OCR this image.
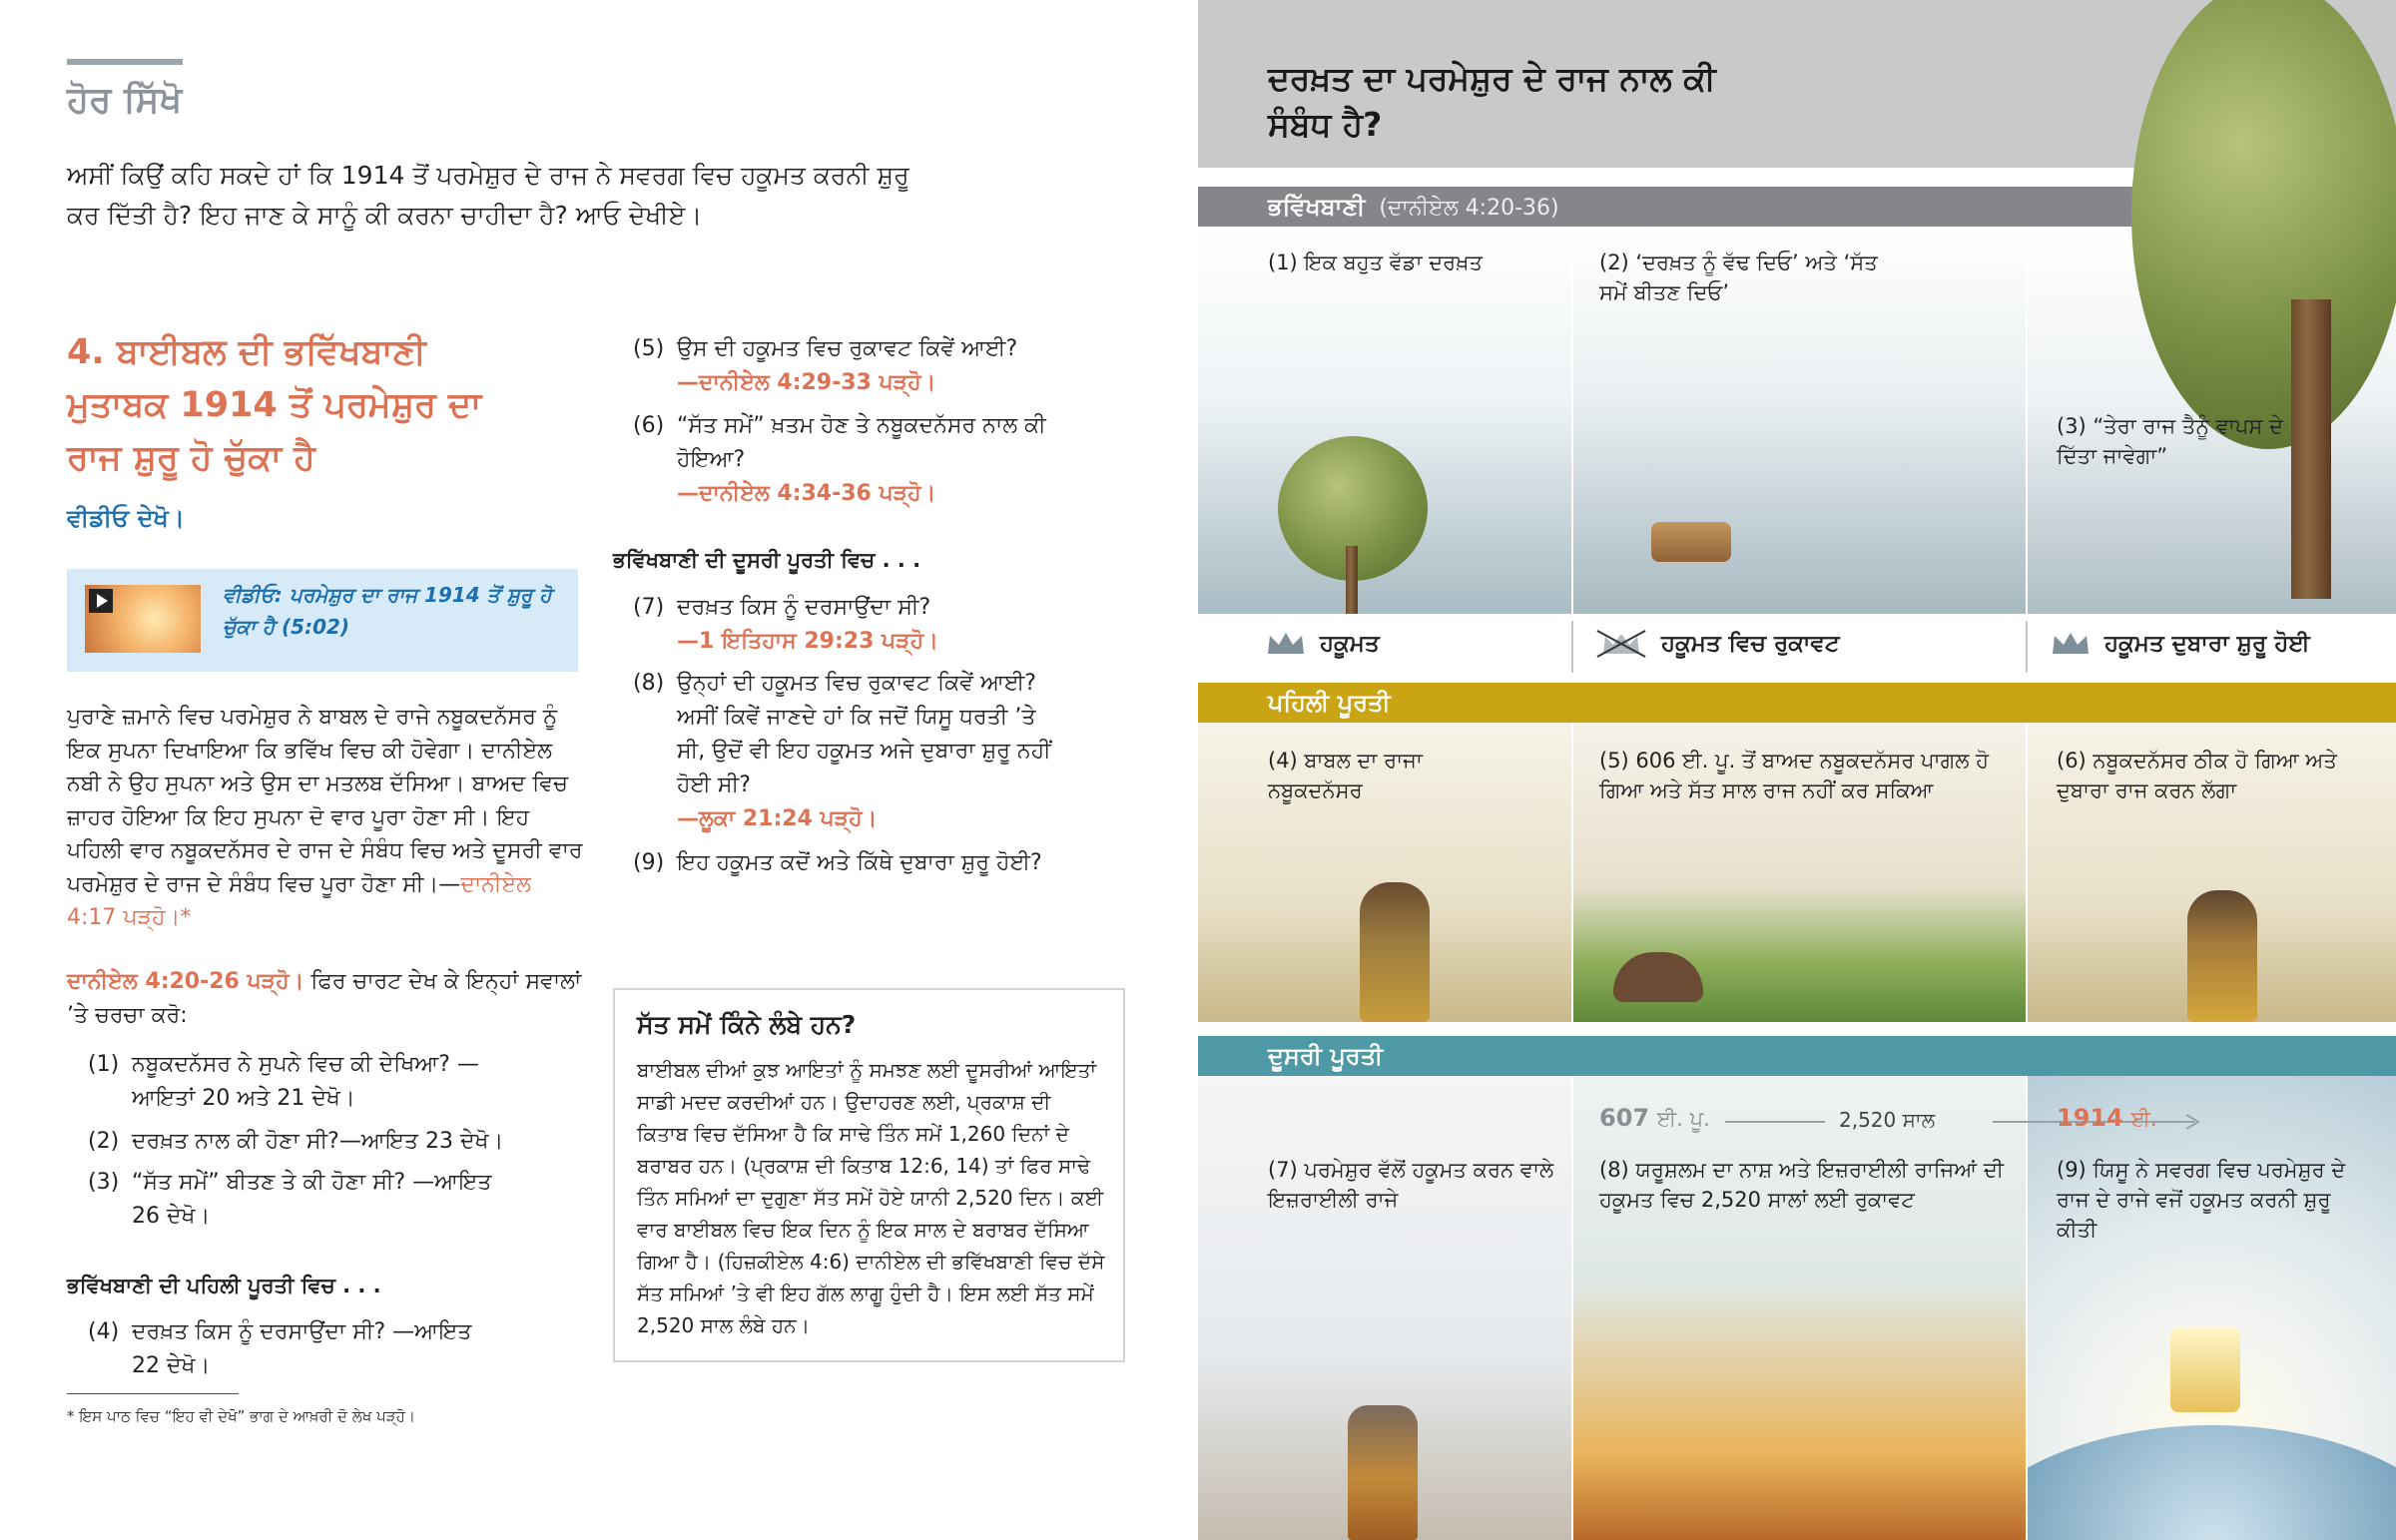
ਹੋਰ ਸਿੱਖੋ
ਅਸੀਂ ਕਿਉਂ ਕਹਿ ਸਕਦੇ ਹਾਂ ਕਿ 1914 ਤੋਂ ਪਰਮੇਸ਼ੁਰ ਦੇ ਰਾਜ ਨੇ ਸਵਰਗ ਵਿਚ ਹਕੂਮਤ ਕਰਨੀ ਸ਼ੁਰੂ ਕਰ ਦਿੱਤੀ ਹੈ? ਇਹ ਜਾਣ ਕੇ ਸਾਨੂੰ ਕੀ ਕਰਨਾ ਚਾਹੀਦਾ ਹੈ? ਆਓ ਦੇਖੀਏ।
4. ਬਾਈਬਲ ਦੀ ਭਵਿੱਖਬਾਣੀ ਮੁਤਾਬਕ 1914 ਤੋਂ ਪਰਮੇਸ਼ੁਰ ਦਾ ਰਾਜ ਸ਼ੁਰੂ ਹੋ ਚੁੱਕਾ ਹੈ
ਵੀਡੀਓ ਦੇਖੋ।
ਵੀਡੀਓ: ਪਰਮੇਸ਼ੁਰ ਦਾ ਰਾਜ 1914 ਤੋਂ ਸ਼ੁਰੂ ਹੋ ਚੁੱਕਾ ਹੈ (5:02)
ਪੁਰਾਣੇ ਜ਼ਮਾਨੇ ਵਿਚ ਪਰਮੇਸ਼ੁਰ ਨੇ ਬਾਬਲ ਦੇ ਰਾਜੇ ਨਬੂਕਦਨੱਸਰ ਨੂੰ ਇਕ ਸੁਪਨਾ ਦਿਖਾਇਆ ਕਿ ਭਵਿੱਖ ਵਿਚ ਕੀ ਹੋਵੇਗਾ। ਦਾਨੀਏਲ ਨਬੀ ਨੇ ਉਹ ਸੁਪਨਾ ਅਤੇ ਉਸ ਦਾ ਮਤਲਬ ਦੱਸਿਆ। ਬਾਅਦ ਵਿਚ ਜ਼ਾਹਰ ਹੋਇਆ ਕਿ ਇਹ ਸੁਪਨਾ ਦੋ ਵਾਰ ਪੂਰਾ ਹੋਣਾ ਸੀ। ਇਹ ਪਹਿਲੀ ਵਾਰ ਨਬੂਕਦਨੱਸਰ ਦੇ ਰਾਜ ਦੇ ਸੰਬੰਧ ਵਿਚ ਅਤੇ ਦੂਸਰੀ ਵਾਰ ਪਰਮੇਸ਼ੁਰ ਦੇ ਰਾਜ ਦੇ ਸੰਬੰਧ ਵਿਚ ਪੂਰਾ ਹੋਣਾ ਸੀ।—ਦਾਨੀਏਲ 4:17 ਪੜ੍ਹੋ।*
ਦਾਨੀਏਲ 4:20-26 ਪੜ੍ਹੋ। ਫਿਰ ਚਾਰਟ ਦੇਖ ਕੇ ਇਨ੍ਹਾਂ ਸਵਾਲਾਂ ’ਤੇ ਚਰਚਾ ਕਰੋ:
(1) ਨਬੂਕਦਨੱਸਰ ਨੇ ਸੁਪਨੇ ਵਿਚ ਕੀ ਦੇਖਿਆ? —ਆਇਤਾਂ 20 ਅਤੇ 21 ਦੇਖੋ।
(2) ਦਰਖ਼ਤ ਨਾਲ ਕੀ ਹੋਣਾ ਸੀ?—ਆਇਤ 23 ਦੇਖੋ।
(3) “ਸੱਤ ਸਮੇਂ” ਬੀਤਣ ਤੇ ਕੀ ਹੋਣਾ ਸੀ? —ਆਇਤ 26 ਦੇਖੋ।
ਭਵਿੱਖਬਾਣੀ ਦੀ ਪਹਿਲੀ ਪੂਰਤੀ ਵਿਚ . . .
(4) ਦਰਖ਼ਤ ਕਿਸ ਨੂੰ ਦਰਸਾਉਂਦਾ ਸੀ? —ਆਇਤ 22 ਦੇਖੋ।
* ਇਸ ਪਾਠ ਵਿਚ “ਇਹ ਵੀ ਦੇਖੋ” ਭਾਗ ਦੇ ਆਖ਼ਰੀ ਦੋ ਲੇਖ ਪੜ੍ਹੋ।
(5) ਉਸ ਦੀ ਹਕੂਮਤ ਵਿਚ ਰੁਕਾਵਟ ਕਿਵੇਂ ਆਈ?
—ਦਾਨੀਏਲ 4:29-33 ਪੜ੍ਹੋ।
(6) “ਸੱਤ ਸਮੇਂ” ਖ਼ਤਮ ਹੋਣ ਤੇ ਨਬੂਕਦਨੱਸਰ ਨਾਲ ਕੀ ਹੋਇਆ?
—ਦਾਨੀਏਲ 4:34-36 ਪੜ੍ਹੋ।
ਭਵਿੱਖਬਾਣੀ ਦੀ ਦੂਸਰੀ ਪੂਰਤੀ ਵਿਚ . . .
(7) ਦਰਖ਼ਤ ਕਿਸ ਨੂੰ ਦਰਸਾਉਂਦਾ ਸੀ?
—1 ਇਤਿਹਾਸ 29:23 ਪੜ੍ਹੋ।
(8) ਉਨ੍ਹਾਂ ਦੀ ਹਕੂਮਤ ਵਿਚ ਰੁਕਾਵਟ ਕਿਵੇਂ ਆਈ? ਅਸੀਂ ਕਿਵੇਂ ਜਾਣਦੇ ਹਾਂ ਕਿ ਜਦੋਂ ਯਿਸੂ ਧਰਤੀ ’ਤੇ ਸੀ, ਉਦੋਂ ਵੀ ਇਹ ਹਕੂਮਤ ਅਜੇ ਦੁਬਾਰਾ ਸ਼ੁਰੂ ਨਹੀਂ ਹੋਈ ਸੀ?
—ਲੂਕਾ 21:24 ਪੜ੍ਹੋ।
(9) ਇਹ ਹਕੂਮਤ ਕਦੋਂ ਅਤੇ ਕਿੱਥੇ ਦੁਬਾਰਾ ਸ਼ੁਰੂ ਹੋਈ?
ਸੱਤ ਸਮੇਂ ਕਿੰਨੇ ਲੰਬੇ ਹਨ?
ਬਾਈਬਲ ਦੀਆਂ ਕੁਝ ਆਇਤਾਂ ਨੂੰ ਸਮਝਣ ਲਈ ਦੂਸਰੀਆਂ ਆਇਤਾਂ ਸਾਡੀ ਮਦਦ ਕਰਦੀਆਂ ਹਨ। ਉਦਾਹਰਣ ਲਈ, ਪ੍ਰਕਾਸ਼ ਦੀ ਕਿਤਾਬ ਵਿਚ ਦੱਸਿਆ ਹੈ ਕਿ ਸਾਢੇ ਤਿੰਨ ਸਮੇਂ 1,260 ਦਿਨਾਂ ਦੇ ਬਰਾਬਰ ਹਨ। (ਪ੍ਰਕਾਸ਼ ਦੀ ਕਿਤਾਬ 12:6, 14) ਤਾਂ ਫਿਰ ਸਾਢੇ ਤਿੰਨ ਸਮਿਆਂ ਦਾ ਦੁਗੁਣਾ ਸੱਤ ਸਮੇਂ ਹੋਏ ਯਾਨੀ 2,520 ਦਿਨ। ਕਈ ਵਾਰ ਬਾਈਬਲ ਵਿਚ ਇਕ ਦਿਨ ਨੂੰ ਇਕ ਸਾਲ ਦੇ ਬਰਾਬਰ ਦੱਸਿਆ ਗਿਆ ਹੈ। (ਹਿਜ਼ਕੀਏਲ 4:6) ਦਾਨੀਏਲ ਦੀ ਭਵਿੱਖਬਾਣੀ ਵਿਚ ਦੱਸੇ ਸੱਤ ਸਮਿਆਂ ’ਤੇ ਵੀ ਇਹ ਗੱਲ ਲਾਗੂ ਹੁੰਦੀ ਹੈ। ਇਸ ਲਈ ਸੱਤ ਸਮੇਂ 2,520 ਸਾਲ ਲੰਬੇ ਹਨ।
ਦਰਖ਼ਤ ਦਾ ਪਰਮੇਸ਼ੁਰ ਦੇ ਰਾਜ ਨਾਲ ਕੀ ਸੰਬੰਧ ਹੈ?
ਭਵਿੱਖਬਾਣੀ (ਦਾਨੀਏਲ 4:20-36)
(1) ਇਕ ਬਹੁਤ ਵੱਡਾ ਦਰਖ਼ਤ	(2) ‘ਦਰਖ਼ਤ ਨੂੰ ਵੱਢ ਦਿਓ’ ਅਤੇ ‘ਸੱਤ ਸਮੇਂ ਬੀਤਣ ਦਿਓ’
(3) “ਤੇਰਾ ਰਾਜ ਤੈਨੂੰ ਵਾਪਸ ਦੇ ਦਿੱਤਾ ਜਾਵੇਗਾ”
ਹਕੂਮਤ	ਹਕੂਮਤ ਵਿਚ ਰੁਕਾਵਟ	ਹਕੂਮਤ ਦੁਬਾਰਾ ਸ਼ੁਰੂ ਹੋਈ
ਪਹਿਲੀ ਪੂਰਤੀ
(4) ਬਾਬਲ ਦਾ ਰਾਜਾ ਨਬੂਕਦਨੱਸਰ
(5) 606 ਈ. ਪੂ. ਤੋਂ ਬਾਅਦ ਨਬੂਕਦਨੱਸਰ ਪਾਗਲ ਹੋ ਗਿਆ ਅਤੇ ਸੱਤ ਸਾਲ ਰਾਜ ਨਹੀਂ ਕਰ ਸਕਿਆ
(6) ਨਬੂਕਦਨੱਸਰ ਠੀਕ ਹੋ ਗਿਆ ਅਤੇ ਦੁਬਾਰਾ ਰਾਜ ਕਰਨ ਲੱਗਾ
ਦੂਸਰੀ ਪੂਰਤੀ
607 ਈ. ਪੂ.	2,520 ਸਾਲ	1914 ਈ.
(7) ਪਰਮੇਸ਼ੁਰ ਵੱਲੋਂ ਹਕੂਮਤ ਕਰਨ ਵਾਲੇ ਇਜ਼ਰਾਈਲੀ ਰਾਜੇ
(8) ਯਰੂਸ਼ਲਮ ਦਾ ਨਾਸ਼ ਅਤੇ ਇਜ਼ਰਾਈਲੀ ਰਾਜਿਆਂ ਦੀ ਹਕੂਮਤ ਵਿਚ 2,520 ਸਾਲਾਂ ਲਈ ਰੁਕਾਵਟ
(9) ਯਿਸੂ ਨੇ ਸਵਰਗ ਵਿਚ ਪਰਮੇਸ਼ੁਰ ਦੇ ਰਾਜ ਦੇ ਰਾਜੇ ਵਜੋਂ ਹਕੂਮਤ ਕਰਨੀ ਸ਼ੁਰੂ ਕੀਤੀ
